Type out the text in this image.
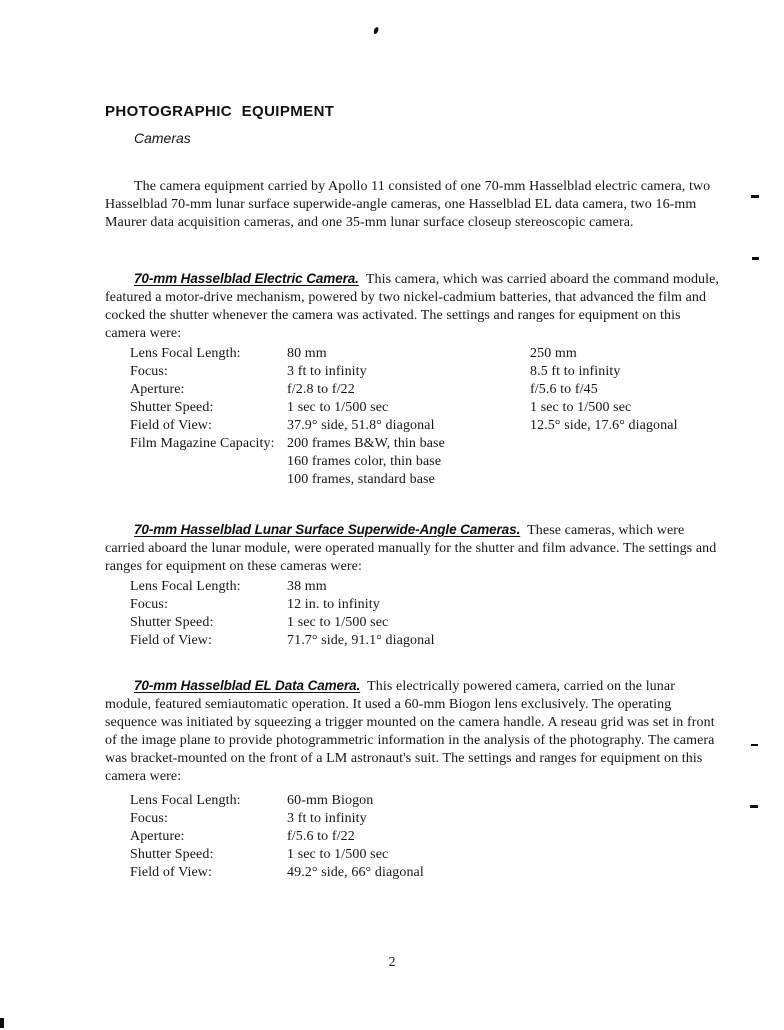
PHOTOGRAPHIC EQUIPMENT
Cameras

The camera equipment carried by Apollo 11 consisted of one 70-mm Hasselblad electric camera, two Hasselblad 70-mm lunar surface superwide-angle cameras, one Hasselblad EL data camera, two 16-mm Maurer data acquisition cameras, and one 35-mm lunar surface closeup stereoscopic camera.

70-mm Hasselblad Electric Camera. This camera, which was carried aboard the command module, featured a motor-drive mechanism, powered by two nickel-cadmium batteries, that advanced the film and cocked the shutter whenever the camera was activated. The settings and ranges for equipment on this camera were:

Lens Focal Length:	80 mm	250 mm
Focus:	3 ft to infinity	8.5 ft to infinity
Aperture:	f/2.8 to f/22	f/5.6 to f/45
Shutter Speed:	1 sec to 1/500 sec	1 sec to 1/500 sec
Field of View:	37.9° side, 51.8° diagonal	12.5° side, 17.6° diagonal
Film Magazine Capacity: 200 frames B&W, thin base
160 frames color, thin base
100 frames, standard base

70-mm Hasselblad Lunar Surface Superwide-Angle Cameras. These cameras, which were carried aboard the lunar module, were operated manually for the shutter and film advance. The settings and ranges for equipment on these cameras were:

Lens Focal Length:	38 mm
Focus:	12 in. to infinity
Shutter Speed:	1 sec to 1/500 sec
Field of View:	71.7° side, 91.1° diagonal

70-mm Hasselblad EL Data Camera. This electrically powered camera, carried on the lunar module, featured semiautomatic operation. It used a 60-mm Biogon lens exclusively. The operating sequence was initiated by squeezing a trigger mounted on the camera handle. A reseau grid was set in front of the image plane to provide photogrammetric information in the analysis of the photography. The camera was bracket-mounted on the front of a LM astronaut's suit. The settings and ranges for equipment on this camera were:

Lens Focal Length:	60-mm Biogon
Focus:	3 ft to infinity
Aperture:	f/5.6 to f/22
Shutter Speed:	1 sec to 1/500 sec
Field of View:	49.2° side, 66° diagonal
2
